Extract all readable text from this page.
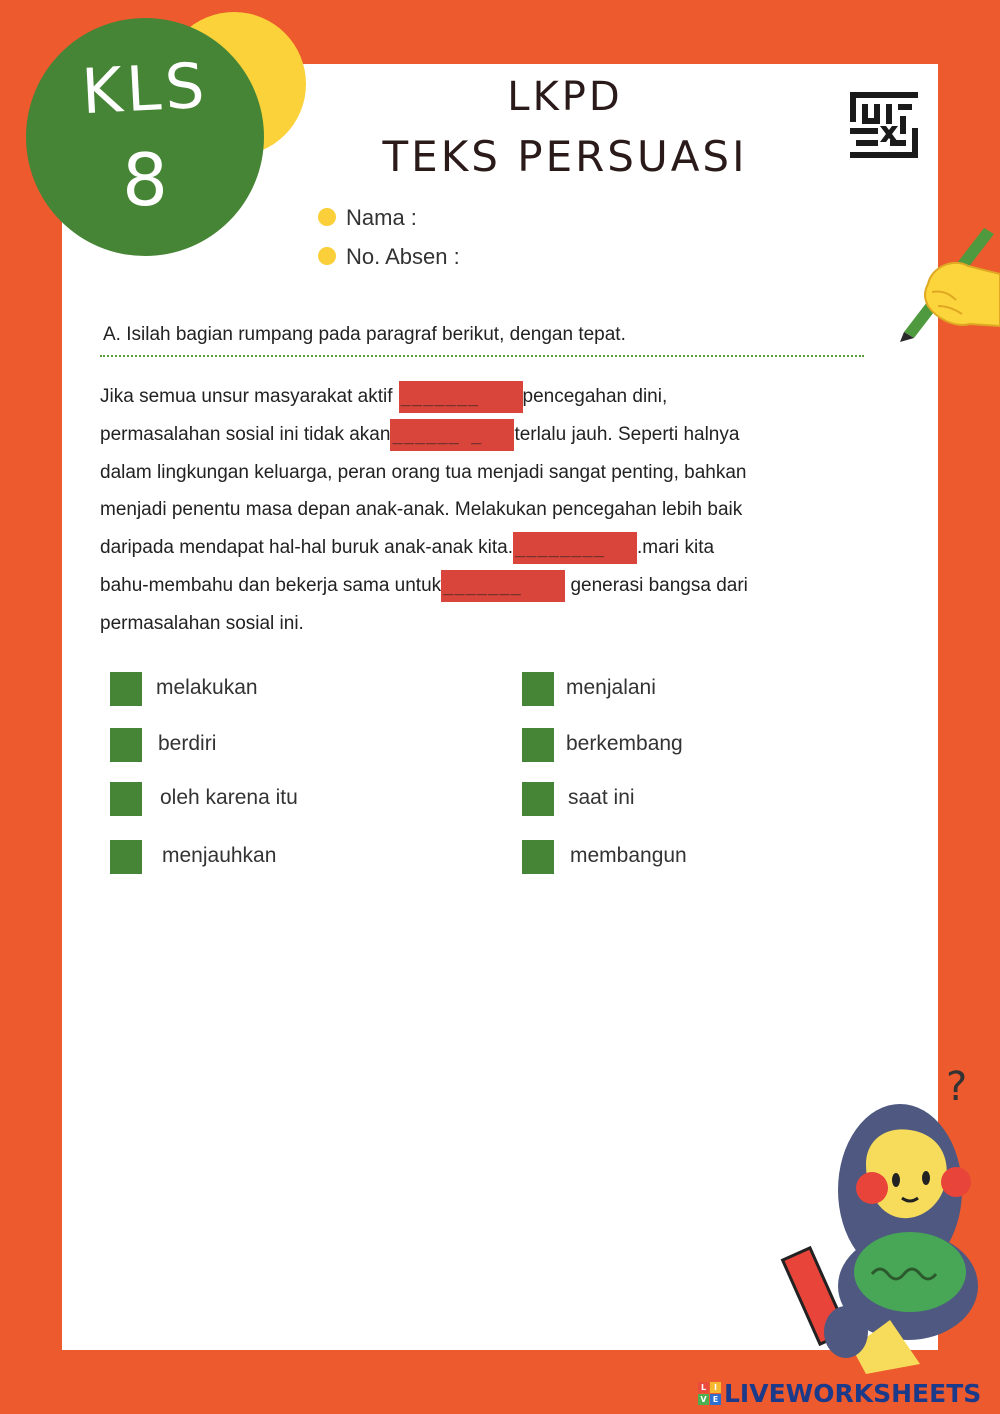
KLS
8
LKPD
TEKS PERSUASI
Nama :
No. Absen :
A. Isilah bagian rumpang pada paragraf berikut, dengan tepat.
Jika semua unsur masyarakat aktif _______ pencegahan dini,
permasalahan sosial ini tidak akan ______ _ terlalu jauh. Seperti halnya
dalam lingkungan keluarga, peran orang tua menjadi sangat penting, bahkan
menjadi penentu masa depan anak-anak. Melakukan pencegahan lebih baik
daripada mendapat hal-hal buruk anak-anak kita. ________ .mari kita
bahu-membahu dan bekerja sama untuk _______	generasi bangsa dari
permasalahan sosial ini.
melakukan
berdiri
oleh karena itu
menjauhkan
menjalani
berkembang
saat ini
membangun
?
L I
V E LIVEWORKSHEETS
